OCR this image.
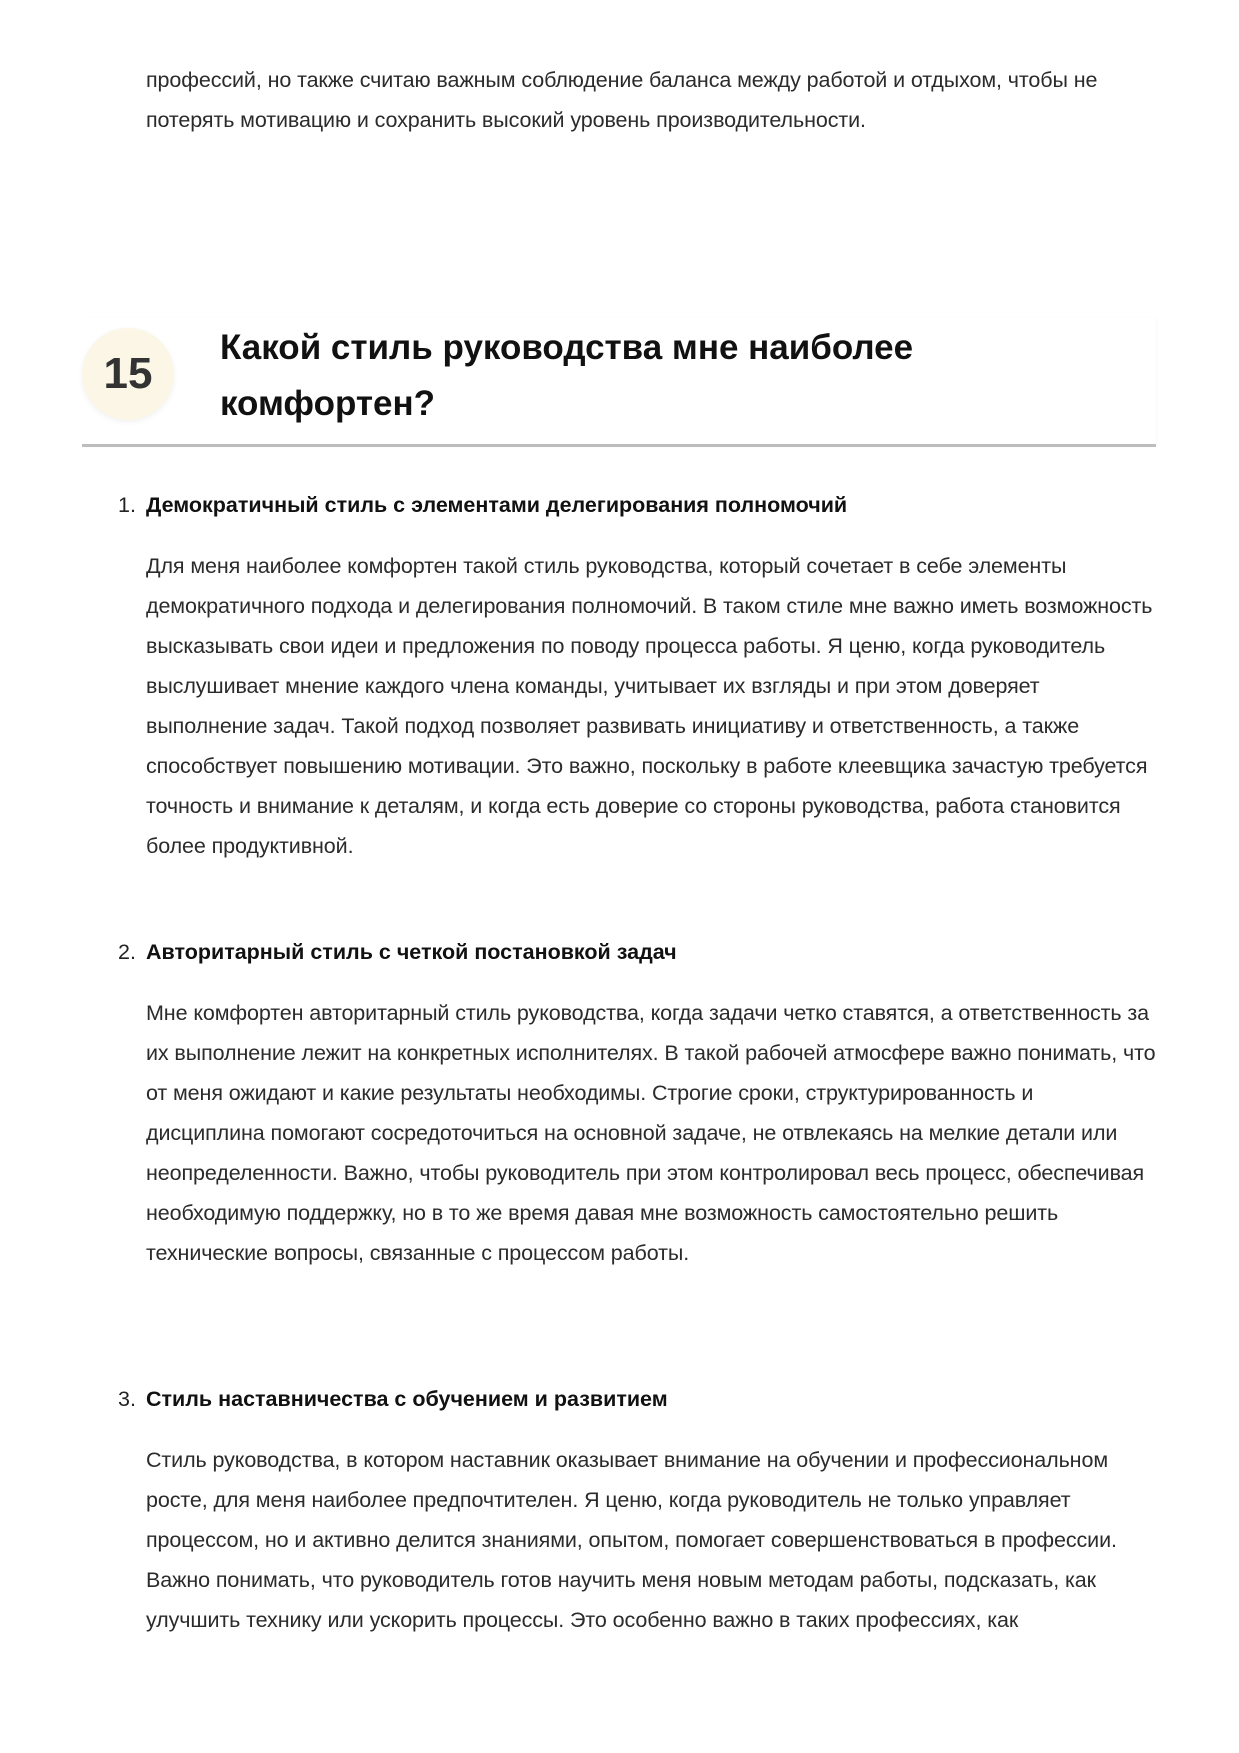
профессий, но также считаю важным соблюдение баланса между работой и отдыхом, чтобы не потерять мотивацию и сохранить высокий уровень производительности.

15
Какой стиль руководства мне наиболее комфортен?
1. Демократичный стиль с элементами делегирования полномочий

Для меня наиболее комфортен такой стиль руководства, который сочетает в себе элементы демократичного подхода и делегирования полномочий. В таком стиле мне важно иметь возможность высказывать свои идеи и предложения по поводу процесса работы. Я ценю, когда руководитель выслушивает мнение каждого члена команды, учитывает их взгляды и при этом доверяет выполнение задач. Такой подход позволяет развивать инициативу и ответственность, а также способствует повышению мотивации. Это важно, поскольку в работе клеевщика зачастую требуется точность и внимание к деталям, и когда есть доверие со стороны руководства, работа становится более продуктивной.

2. Авторитарный стиль с четкой постановкой задач

Мне комфортен авторитарный стиль руководства, когда задачи четко ставятся, а ответственность за их выполнение лежит на конкретных исполнителях. В такой рабочей атмосфере важно понимать, что от меня ожидают и какие результаты необходимы. Строгие сроки, структурированность и дисциплина помогают сосредоточиться на основной задаче, не отвлекаясь на мелкие детали или неопределенности. Важно, чтобы руководитель при этом контролировал весь процесс, обеспечивая необходимую поддержку, но в то же время давая мне возможность самостоятельно решить технические вопросы, связанные с процессом работы.

3. Стиль наставничества с обучением и развитием

Стиль руководства, в котором наставник оказывает внимание на обучении и профессиональном росте, для меня наиболее предпочтителен. Я ценю, когда руководитель не только управляет процессом, но и активно делится знаниями, опытом, помогает совершенствоваться в профессии. Важно понимать, что руководитель готов научить меня новым методам работы, подсказать, как улучшить технику или ускорить процессы. Это особенно важно в таких профессиях, как
